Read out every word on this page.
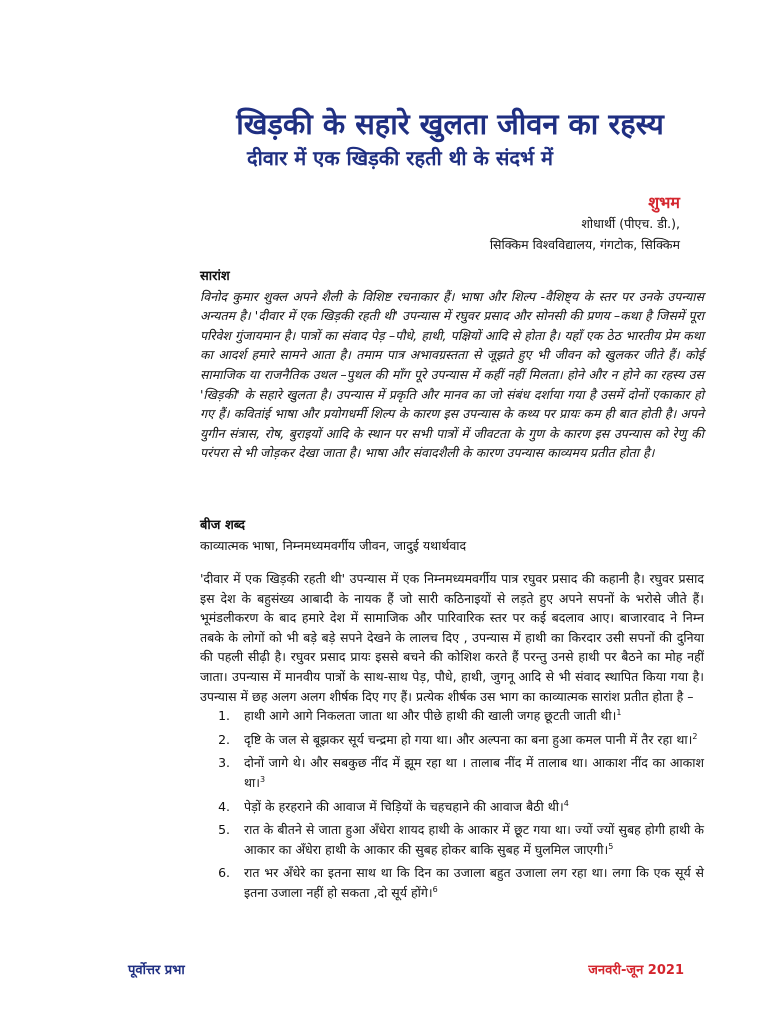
खिड़की के सहारे खुलता जीवन का रहस्य
दीवार में एक खिड़की रहती थी के संदर्भ में
शुभम
शोधार्थी (पीएच. डी.),
सिक्किम विश्वविद्यालय, गंगटोक, सिक्किम
सारांश
विनोद कुमार शुक्ल अपने शैली के विशिष्ट रचनाकार हैं। भाषा और शिल्प -वैशिष्ट्य के स्तर पर उनके उपन्यास अन्यतम है। 'दीवार में एक खिड़की रहती थी' उपन्यास में रघुवर प्रसाद और सोनसी की प्रणय –कथा है जिसमें पूरा परिवेश गुंजायमान है। पात्रों का संवाद पेड़ –पौधे, हाथी, पक्षियों आदि से होता है। यहाँ एक ठेठ भारतीय प्रेम कथा का आदर्श हमारे सामने आता है। तमाम पात्र अभावग्रस्तता से जूझते हुए भी जीवन को खुलकर जीते हैं। कोई सामाजिक या राजनैतिक उथल –पुथल की माँग पूरे उपन्यास में कहीं नहीं मिलता। होने और न होने का रहस्य उस 'खिड़की' के सहारे खुलता है। उपन्यास में प्रकृति और मानव का जो संबंध दर्शाया गया है उसमें दोनों एकाकार हो गए हैं। कवितांई भाषा और प्रयोगधर्मी शिल्प के कारण इस उपन्यास के कथ्य पर प्रायः कम ही बात होती है। अपने युगीन संत्रास, रोष, बुराइयों आदि के स्थान पर सभी पात्रों में जीवटता के गुण के कारण इस उपन्यास को रेणु की परंपरा से भी जोड़कर देखा जाता है। भाषा और संवादशैली के कारण उपन्यास काव्यमय प्रतीत होता है।
बीज शब्द
काव्यात्मक भाषा, निम्नमध्यमवर्गीय जीवन, जादुई यथार्थवाद
'दीवार में एक खिड़की रहती थी' उपन्यास में एक निम्नमध्यमवर्गीय पात्र रघुवर प्रसाद की कहानी है। रघुवर प्रसाद इस देश के बहुसंख्य आबादी के नायक हैं जो सारी कठिनाइयों से लड़ते हुए अपने सपनों के भरोसे जीते हैं। भूमंडलीकरण के बाद हमारे देश में सामाजिक और पारिवारिक स्तर पर कई बदलाव आए। बाजारवाद ने निम्न तबके के लोगों को भी बड़े बड़े सपने देखने के लालच दिए , उपन्यास में हाथी का किरदार उसी सपनों की दुनिया की पहली सीढ़ी है। रघुवर प्रसाद प्रायः इससे बचने की कोशिश करते हैं परन्तु उनसे हाथी पर बैठने का मोह नहीं जाता। उपन्यास में मानवीय पात्रों के साथ-साथ पेड़, पौधे, हाथी, जुगनू आदि से भी संवाद स्थापित किया गया है। उपन्यास में छह अलग अलग शीर्षक दिए गए हैं। प्रत्येक शीर्षक उस भाग का काव्यात्मक सारांश प्रतीत होता है –
1.	हाथी आगे आगे निकलता जाता था और पीछे हाथी की खाली जगह छूटती जाती थी।$^1$
2.	दृष्टि के जल से बूझकर सूर्य चन्द्रमा हो गया था। और अल्पना का बना हुआ कमल पानी में तैर रहा था।$^2$
3.	दोनों जागे थे। और सबकुछ नींद में झूम रहा था । तालाब नींद में तालाब था। आकाश नींद का आकाश था।$^3$
4.	पेड़ों के हरहराने की आवाज में चिड़ियों के चहचहाने की आवाज बैठी थी।$^4$
5.	रात के बीतने से जाता हुआ अँधेरा शायद हाथी के आकार में छूट गया था। ज्यों ज्यों सुबह होगी हाथी के आकार का अँधेरा हाथी के आकार की सुबह होकर बाकि सुबह में घुलमिल जाएगी।$^5$
6.	रात भर अँधेरे का इतना साथ था कि दिन का उजाला बहुत उजाला लग रहा था। लगा कि एक सूर्य से इतना उजाला नहीं हो सकता ,दो सूर्य होंगे।$^6$
पूर्वोत्तर प्रभा	जनवरी-जून 2021
